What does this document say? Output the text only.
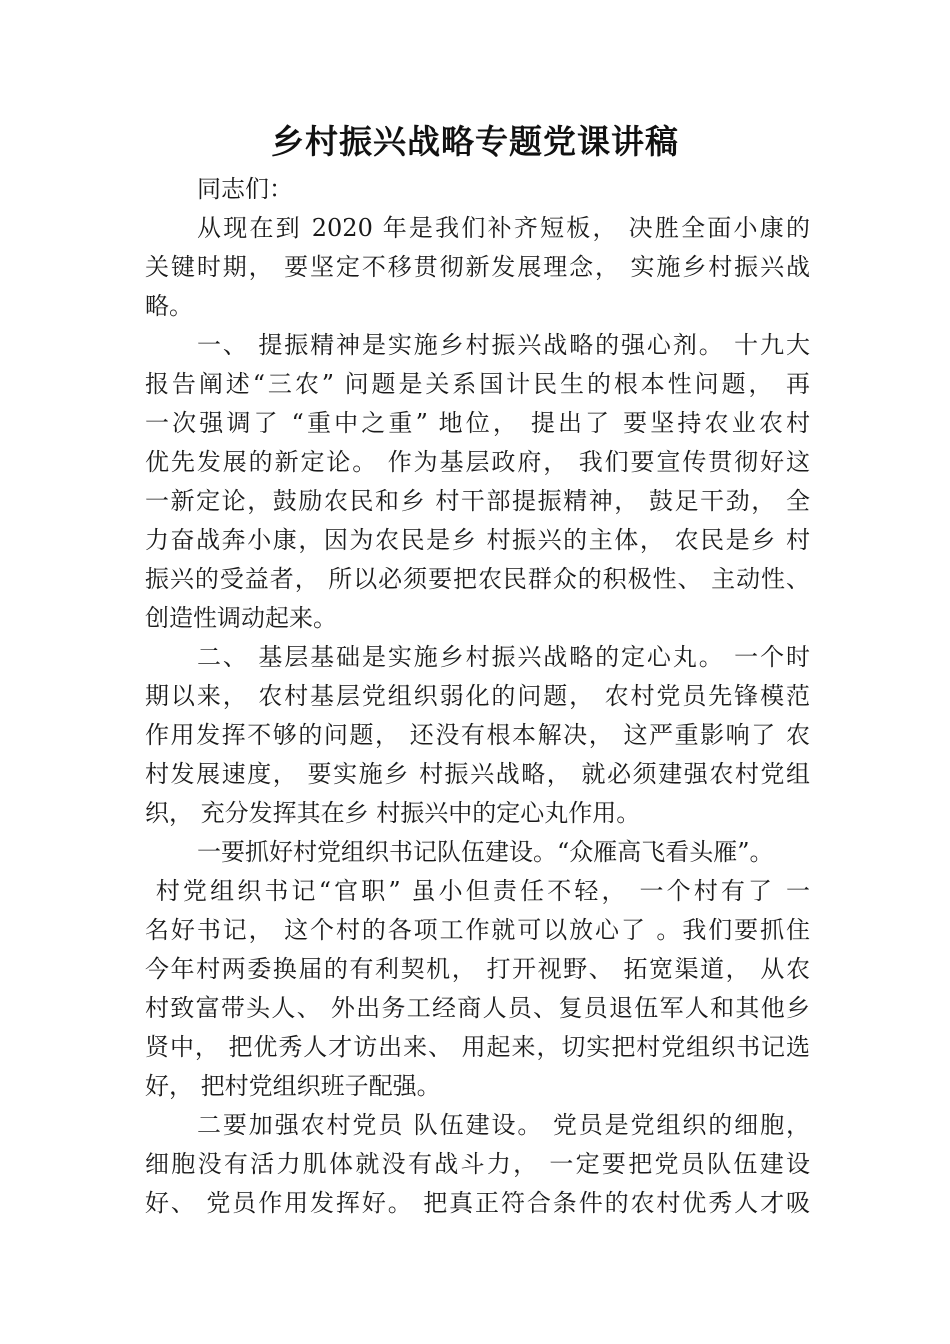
乡村振兴战略专题党课讲稿
同志们：
从现在到 2020 年是我们补齐短板， 决胜全面小康的
关键时期， 要坚定不移贯彻新发展理念， 实施乡村振兴战
略。
一、 提振精神是实施乡村振兴战略的强心剂。 十九大
报告阐述“三农” 问题是关系国计民生的根本性问题， 再
一次强调了 “重中之重” 地位， 提出了 要坚持农业农村
优先发展的新定论。 作为基层政府， 我们要宣传贯彻好这
一新定论，鼓励农民和乡 村干部提振精神， 鼓足干劲， 全
力奋战奔小康，因为农民是乡 村振兴的主体， 农民是乡 村
振兴的受益者， 所以必须要把农民群众的积极性、 主动性、
创造性调动起来。
二、 基层基础是实施乡村振兴战略的定心丸。 一个时
期以来， 农村基层党组织弱化的问题， 农村党员先锋模范
作用发挥不够的问题， 还没有根本解决， 这严重影响了 农
村发展速度， 要实施乡 村振兴战略， 就必须建强农村党组
织， 充分发挥其在乡 村振兴中的定心丸作用。
一要抓好村党组织书记队伍建设。“众雁高飞看头雁”。
村党组织书记“官职” 虽小但责任不轻， 一个村有了 一
名好书记， 这个村的各项工作就可以放心了 。我们要抓住
今年村两委换届的有利契机， 打开视野、 拓宽渠道， 从农
村致富带头人、 外出务工经商人员、复员退伍军人和其他乡
贤中， 把优秀人才访出来、 用起来，切实把村党组织书记选
好， 把村党组织班子配强。
二要加强农村党员 队伍建设。 党员是党组织的细胞，
细胞没有活力肌体就没有战斗力， 一定要把党员队伍建设
好、 党员作用发挥好。 把真正符合条件的农村优秀人才吸
